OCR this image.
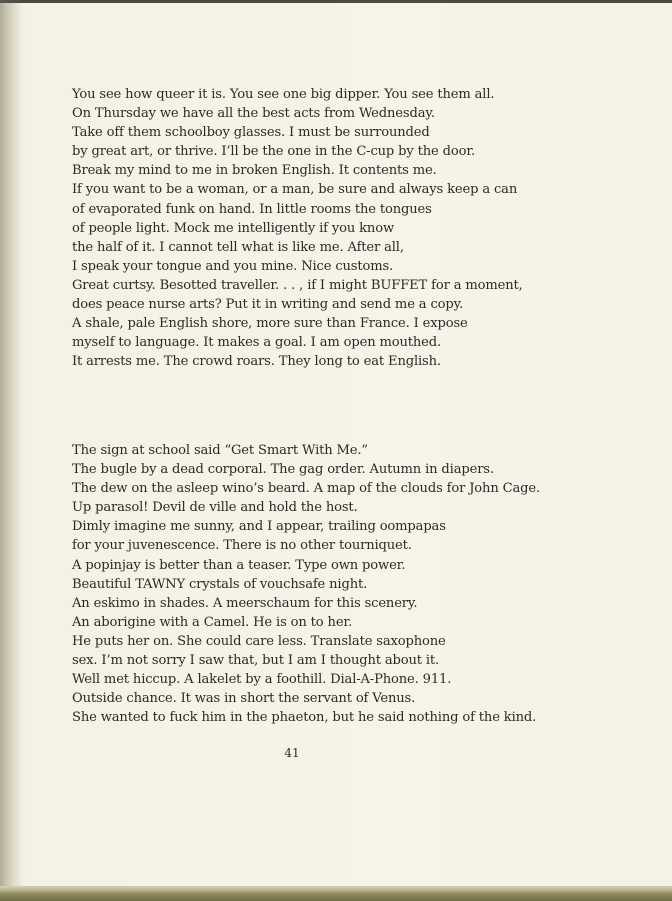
You see how queer it is. You see one big dipper. You see them all.
On Thursday we have all the best acts from Wednesday.
Take off them schoolboy glasses. I must be surrounded
by great art, or thrive. I’ll be the one in the C-cup by the door.
Break my mind to me in broken English. It contents me.
If you want to be a woman, or a man, be sure and always keep a can
of evaporated funk on hand. In little rooms the tongues
of people light. Mock me intelligently if you know
the half of it. I cannot tell what is like me. After all,
I speak your tongue and you mine. Nice customs.
Great curtsy. Besotted traveller. . . , if I might BUFFET for a moment,
does peace nurse arts? Put it in writing and send me a copy.
A shale, pale English shore, more sure than France. I expose
myself to language. It makes a goal. I am open mouthed.
It arrests me. The crowd roars. They long to eat English.
The sign at school said “Get Smart With Me.”
The bugle by a dead corporal. The gag order. Autumn in diapers.
The dew on the asleep wino’s beard. A map of the clouds for John Cage.
Up parasol! Devil de ville and hold the host.
Dimly imagine me sunny, and I appear, trailing oompapas
for your juvenescence. There is no other tourniquet.
A popinjay is better than a teaser. Type own power.
Beautiful TAWNY crystals of vouchsafe night.
An eskimo in shades. A meerschaum for this scenery.
An aborigine with a Camel. He is on to her.
He puts her on. She could care less. Translate saxophone
sex. I’m not sorry I saw that, but I am I thought about it.
Well met hiccup. A lakelet by a foothill. Dial-A-Phone. 911.
Outside chance. It was in short the servant of Venus.
She wanted to fuck him in the phaeton, but he said nothing of the kind.
41
